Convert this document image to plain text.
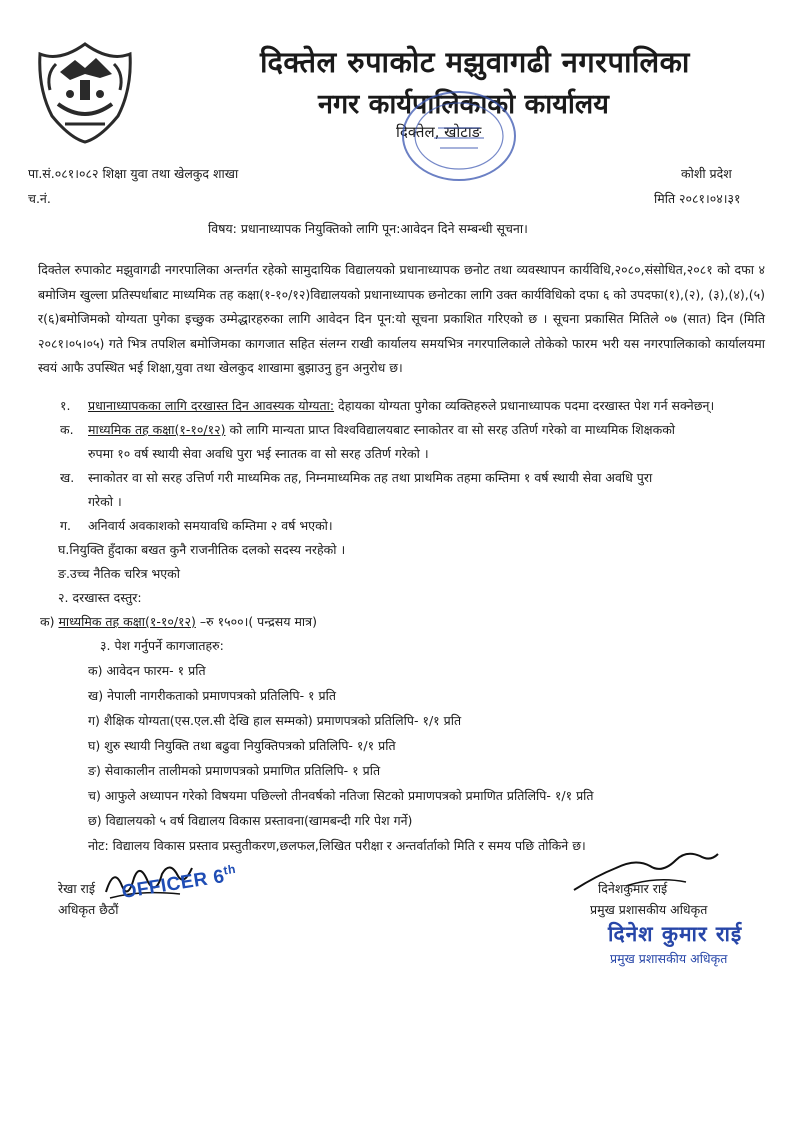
दिक्तेल रुपाकोट मझुवागढी नगरपालिका
नगर कार्यपालिकाको कार्यालय
दिक्तेल, खोटाङ
पा.सं.०८१।०८२ शिक्षा युवा तथा खेलकुद शाखा
च.नं.
कोशी प्रदेश
मिति २०८१।०४।३१
विषय: प्रधानाध्यापक नियुक्तिको लागि पून:आवेदन दिने सम्बन्धी सूचना।
दिक्तेल रुपाकोट मझुवागढी नगरपालिका अन्तर्गत रहेको सामुदायिक विद्यालयको प्रधानाध्यापक छनोट तथा व्यवस्थापन कार्यविधि,२०८०,संसोधित,२०८१ को दफा ४ बमोजिम खुल्ला प्रतिस्पर्धाबाट माध्यमिक तह कक्षा(१-१०/१२)विद्यालयको प्रधानाध्यापक छनोटका लागि उक्त कार्यविधिको दफा ६ को उपदफा(१),(२), (३),(४),(५) र(६)बमोजिमको योग्यता पुगेका इच्छुक उम्मेद्धारहरुका लागि आवेदन दिन पून:यो सूचना प्रकाशित गरिएको छ । सूचना प्रकासित मितिले ०७ (सात) दिन (मिति २०८१।०५।०५) गते भित्र तपशिल बमोजिमका कागजात सहित संलग्न राखी कार्यालय समयभित्र नगरपालिकाले तोकेको फारम भरी यस नगरपालिकाको कार्यालयमा स्वयं आफै उपस्थित भई शिक्षा,युवा तथा खेलकुद शाखामा बुझाउनु हुन अनुरोध छ।
१. प्रधानाध्यापकका लागि दरखास्त दिन आवस्यक योग्यता: देहायका योग्यता पुगेका व्यक्तिहरुले प्रधानाध्यापक पदमा दरखास्त पेश गर्न सक्नेछन्।
क. माध्यमिक तह कक्षा(१-१०/१२) को लागि मान्यता प्राप्त विश्वविद्यालयबाट स्नाकोतर वा सो सरह उतिर्ण गरेको वा माध्यमिक शिक्षकको
रुपमा १० वर्ष स्थायी सेवा अवधि पुरा भई स्नातक वा सो सरह उतिर्ण गरेको ।
ख. स्नाकोतर वा सो सरह उत्तिर्ण गरी माध्यमिक तह, निम्नमाध्यमिक तह तथा प्राथमिक तहमा कम्तिमा १ वर्ष स्थायी सेवा अवधि पुरा
गरेको ।
ग. अनिवार्य अवकाशको समयावधि कम्तिमा २ वर्ष भएको।
घ.नियुक्ति हुँदाका बखत कुनै राजनीतिक दलको सदस्य नरहेको ।
ङ.उच्च नैतिक चरित्र भएको
२. दरखास्त दस्तुर:
क) माध्यमिक तह कक्षा(१-१०/१२) –रु १५००।( पन्द्रसय मात्र)
३. पेश गर्नुपर्ने कागजातहरु:
क) आवेदन फारम- १ प्रति
ख) नेपाली नागरीकताको प्रमाणपत्रको प्रतिलिपि- १ प्रति
ग) शैक्षिक योग्यता(एस.एल.सी देखि हाल सम्मको) प्रमाणपत्रको प्रतिलिपि- १/१ प्रति
घ) शुरु स्थायी नियुक्ति तथा बढुवा नियुक्तिपत्रको प्रतिलिपि- १/१ प्रति
ङ) सेवाकालीन तालीमको प्रमाणपत्रको प्रमाणित प्रतिलिपि- १ प्रति
च) आफुले अध्यापन गरेको विषयमा पछिल्लो तीनवर्षको नतिजा सिटको प्रमाणपत्रको प्रमाणित प्रतिलिपि- १/१ प्रति
छ) विद्यालयको ५ वर्ष विद्यालय विकास प्रस्तावना(खामबन्दी गरि पेश गर्ने)
नोट: विद्यालय विकास प्रस्ताव प्रस्तुतीकरण,छलफल,लिखित परीक्षा र अन्तर्वार्ताको मिति र समय पछि तोकिने छ।
रेखा राई
अधिकृत छैठौं
OFFICER 6th
दिनेशकुमार राई
प्रमुख प्रशासकीय अधिकृत
दिनेश कुमार राई
प्रमुख प्रशासकीय अधिकृत
